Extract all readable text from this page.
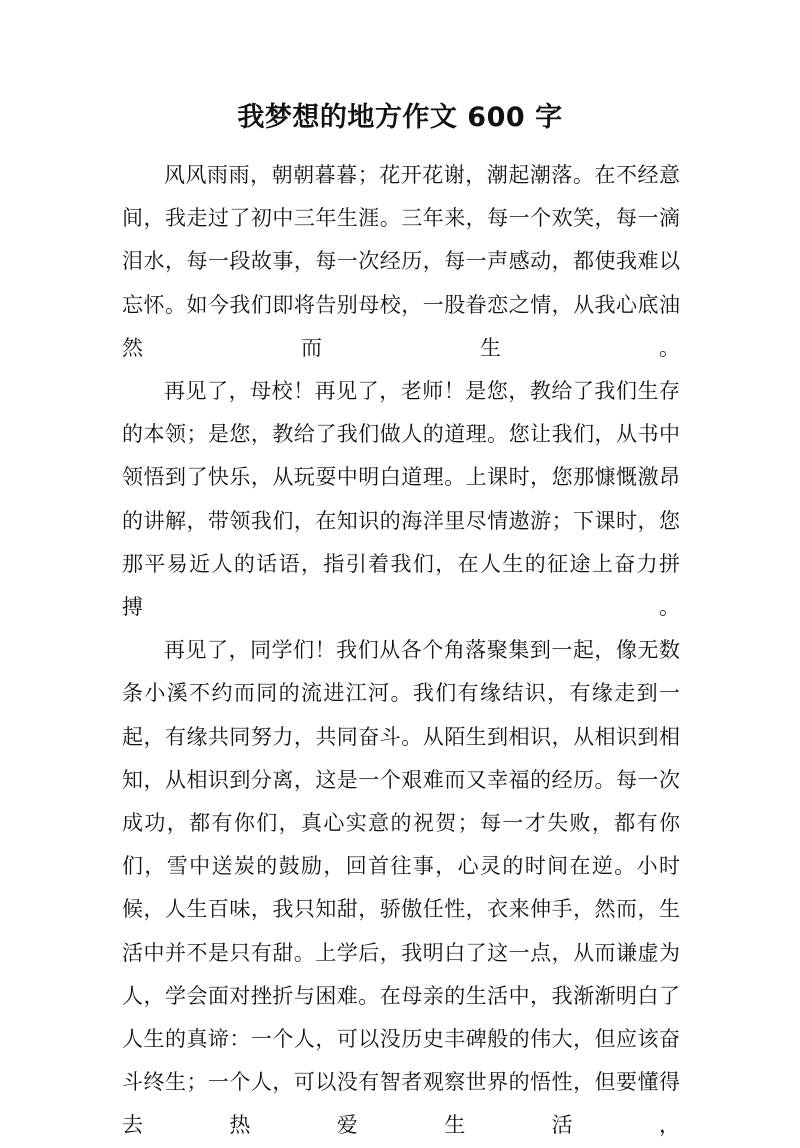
我梦想的地方作文 600 字

风风雨雨，朝朝暮暮；花开花谢，潮起潮落。在不经意间，我走过了初中三年生涯。三年来，每一个欢笑，每一滴泪水，每一段故事，每一次经历，每一声感动，都使我难以忘怀。如今我们即将告别母校，一股眷恋之情，从我心底油然而生。

再见了，母校！再见了，老师！是您，教给了我们生存的本领；是您，教给了我们做人的道理。您让我们，从书中领悟到了快乐，从玩耍中明白道理。上课时，您那慷慨激昂的讲解，带领我们，在知识的海洋里尽情遨游；下课时，您那平易近人的话语，指引着我们，在人生的征途上奋力拼搏。

再见了，同学们！我们从各个角落聚集到一起，像无数条小溪不约而同的流进江河。我们有缘结识，有缘走到一起，有缘共同努力，共同奋斗。从陌生到相识，从相识到相知，从相识到分离，这是一个艰难而又幸福的经历。每一次成功，都有你们，真心实意的祝贺；每一才失败，都有你们，雪中送炭的鼓励，回首往事，心灵的时间在逆。小时候，人生百味，我只知甜，骄傲任性，衣来伸手，然而，生活中并不是只有甜。上学后，我明白了这一点，从而谦虚为人，学会面对挫折与困难。在母亲的生活中，我渐渐明白了人生的真谛：一个人，可以没历史丰碑般的伟大，但应该奋斗终生；一个人，可以没有智者观察世界的悟性，但要懂得去热爱生活，
